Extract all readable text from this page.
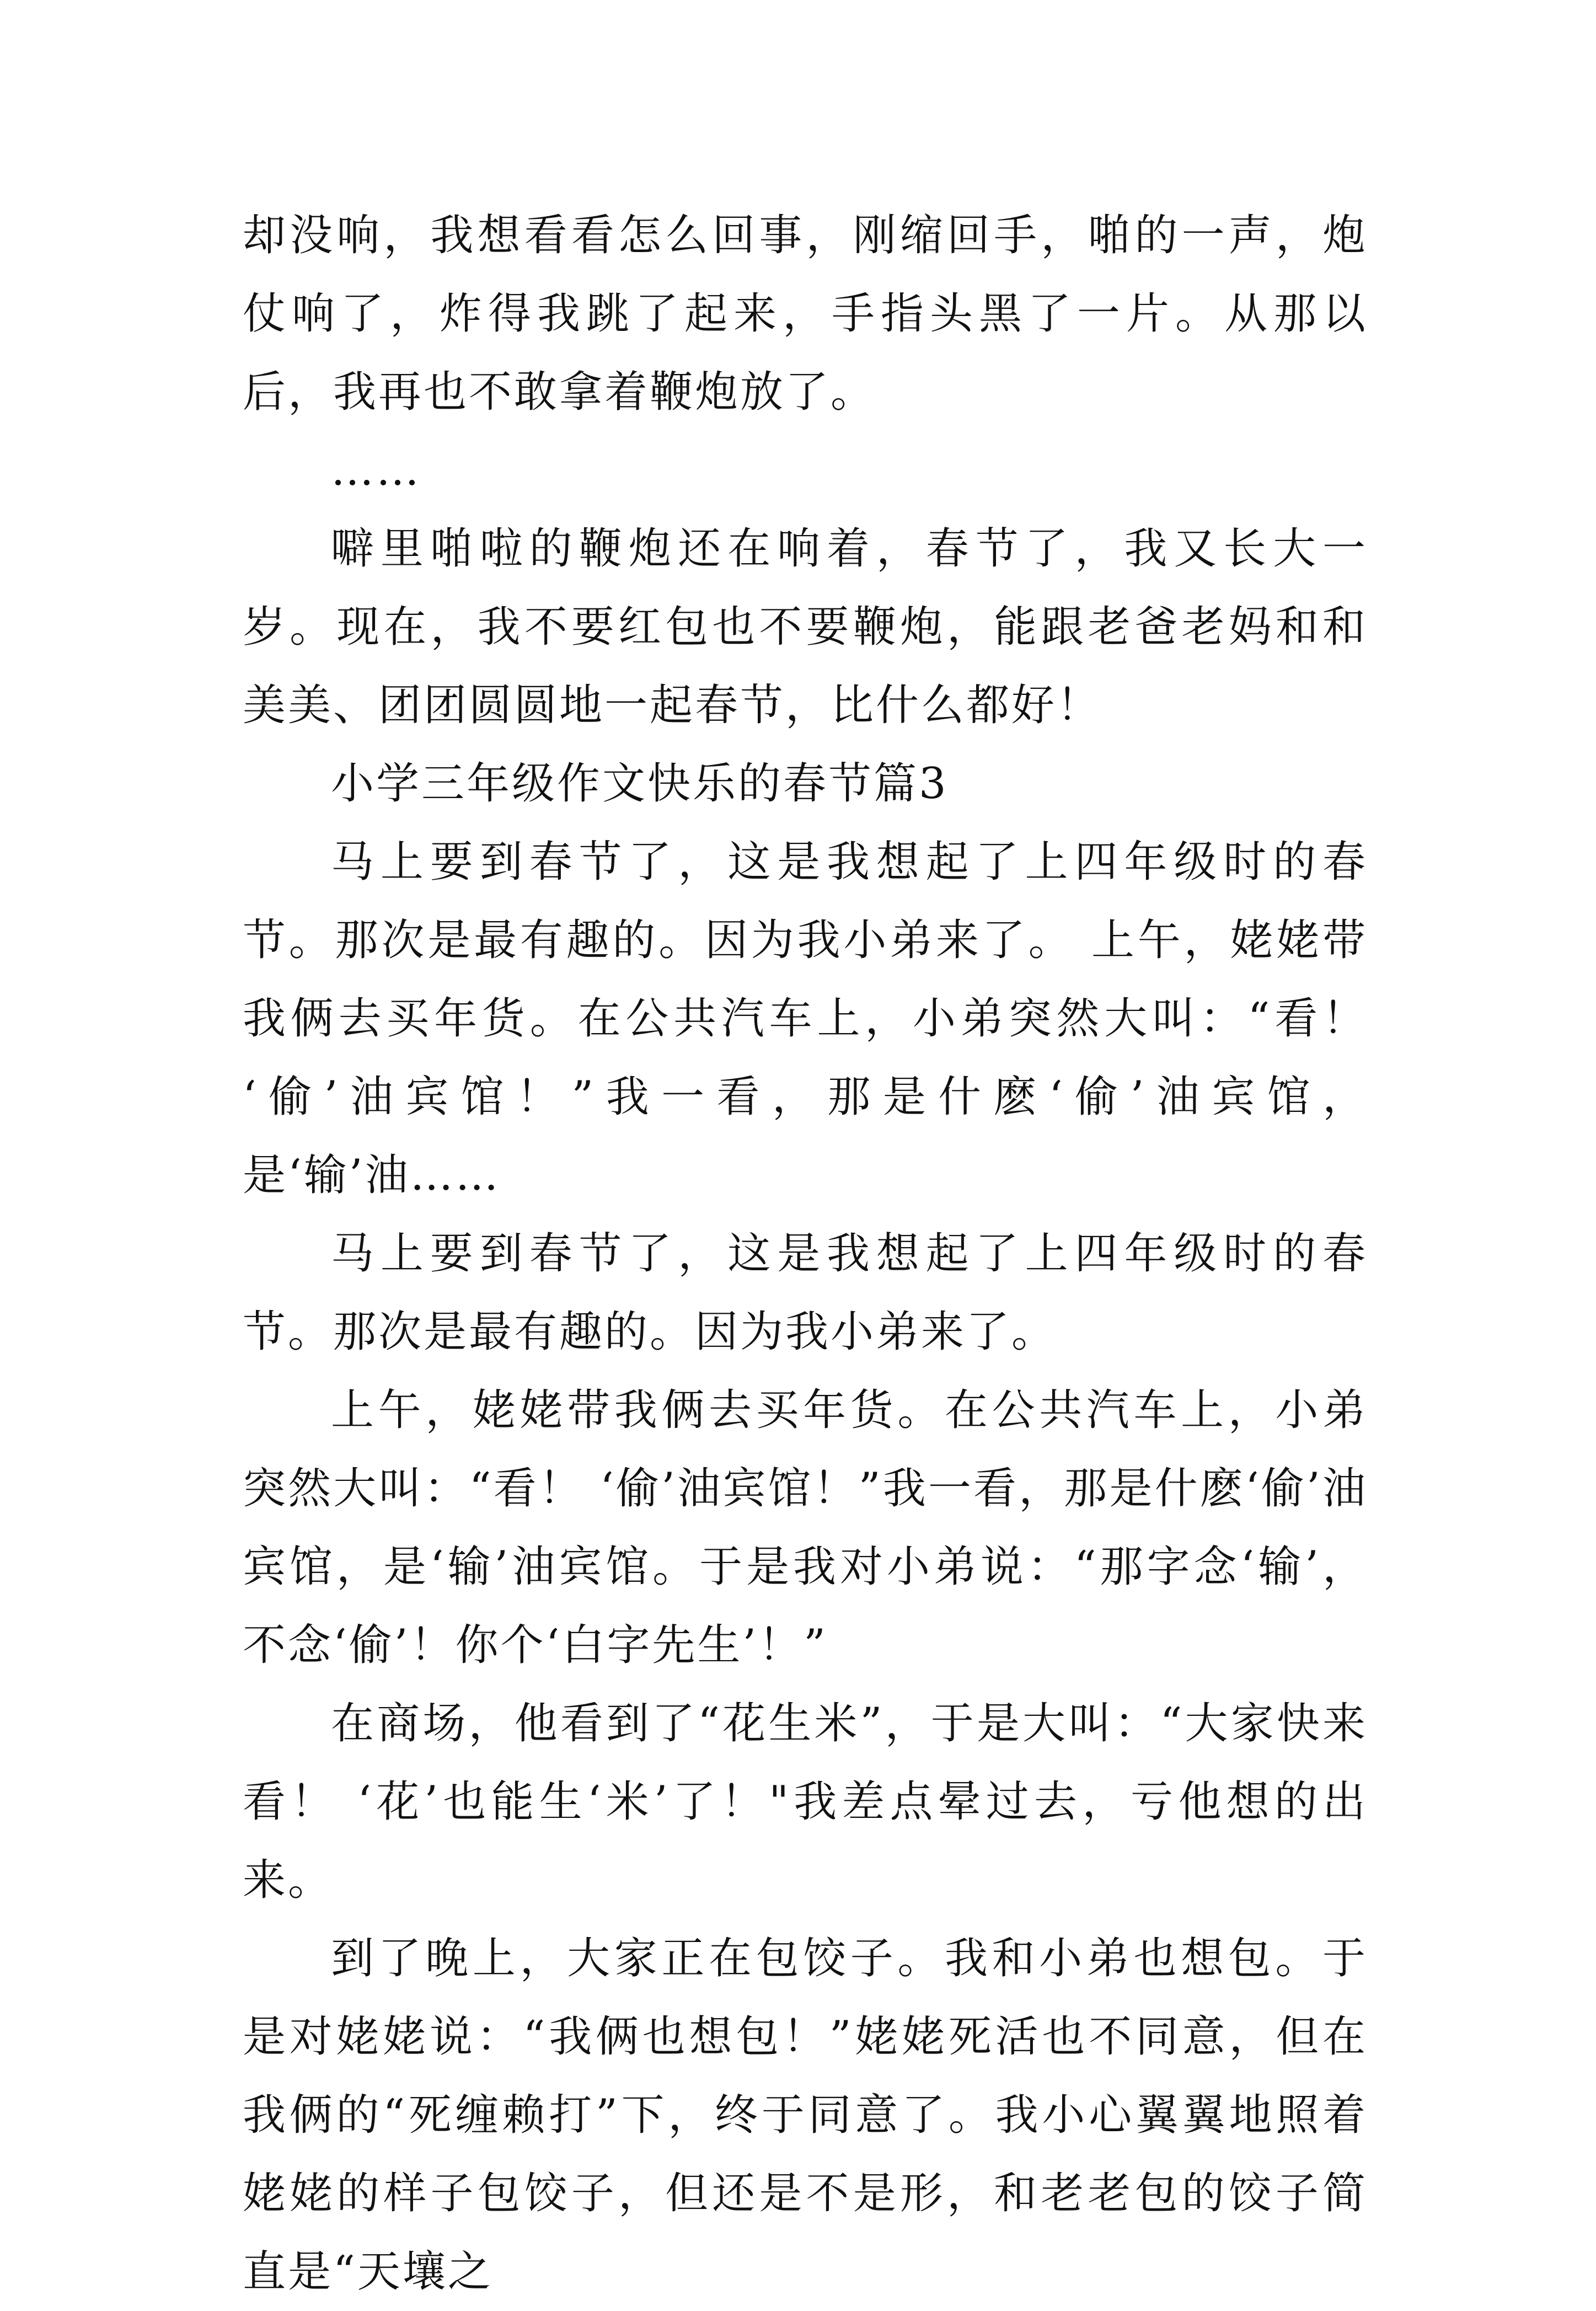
却没响，我想看看怎么回事，刚缩回手，啪的一声，炮仗响了，炸得我跳了起来，手指头黑了一片。从那以后，我再也不敢拿着鞭炮放了。

……

噼里啪啦的鞭炮还在响着，春节了，我又长大一岁。现在，我不要红包也不要鞭炮，能跟老爸老妈和和美美、团团圆圆地一起春节，比什么都好！

小学三年级作文快乐的春节篇3

马上要到春节了，这是我想起了上四年级时的春节。那次是最有趣的。因为我小弟来了。 上午，姥姥带我俩去买年货。在公共汽车上，小弟突然大叫：“看！ ‘偷’油宾馆！”我一看，那是什麽‘偷’油宾馆，是‘输’油……

马上要到春节了，这是我想起了上四年级时的春节。那次是最有趣的。因为我小弟来了。

上午，姥姥带我俩去买年货。在公共汽车上，小弟突然大叫：“看！ ‘偷’油宾馆！”我一看，那是什麽‘偷’油宾馆，是‘输’油宾馆。于是我对小弟说：“那字念‘输’，不念‘偷’！你个‘白字先生’！”

在商场，他看到了“花生米”，于是大叫：“大家快来看！ ‘花’也能生‘米’了！"我差点晕过去，亏他想的出来。

到了晚上，大家正在包饺子。我和小弟也想包。于是对姥姥说：“我俩也想包！”姥姥死活也不同意，但在我俩的“死缠赖打”下，终于同意了。我小心翼翼地照着姥姥的样子包饺子，但还是不是形，和老老包的饺子简直是“天壤之
